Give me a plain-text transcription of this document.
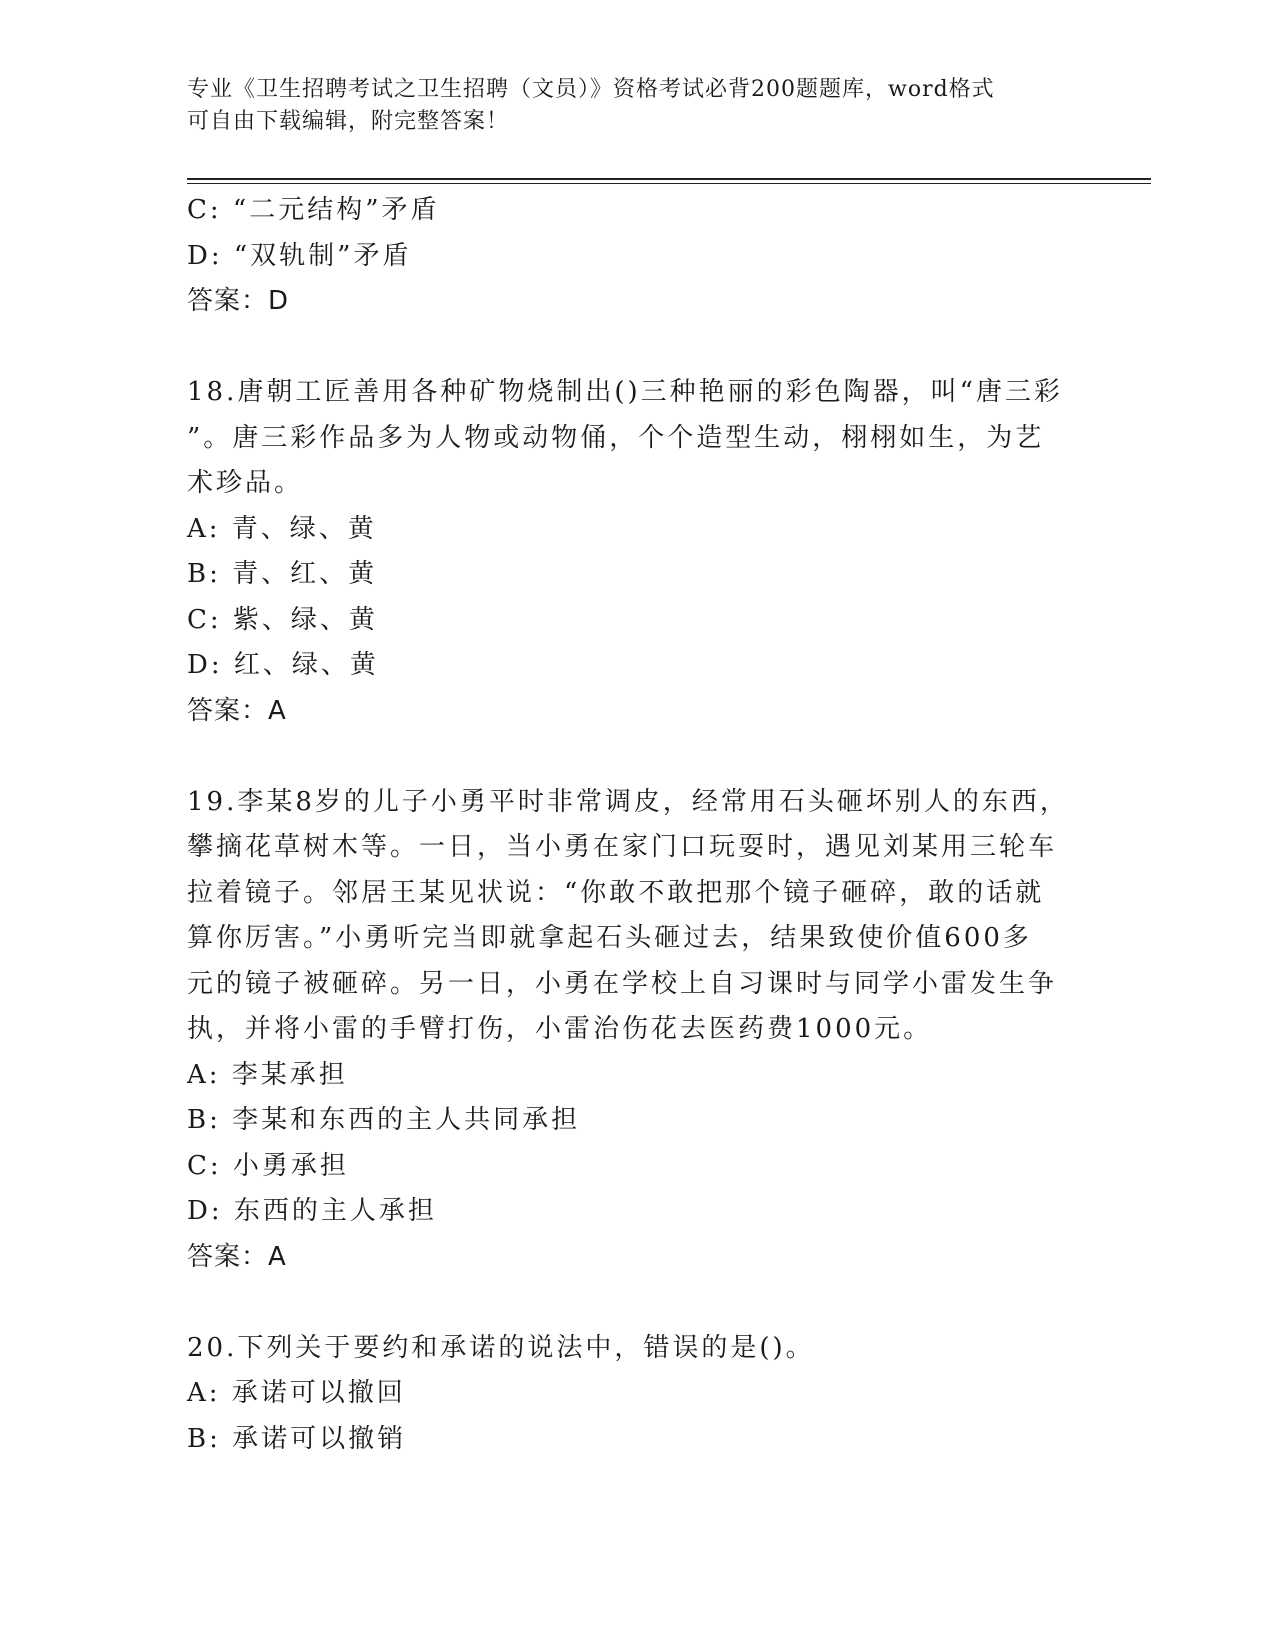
专业《卫生招聘考试之卫生招聘（文员）》资格考试必背200题题库，word格式
可自由下载编辑，附完整答案！
C: “二元结构”矛盾
D: “双轨制”矛盾
答案：D
18.唐朝工匠善用各种矿物烧制出()三种艳丽的彩色陶器，叫“唐三彩
”。唐三彩作品多为人物或动物俑，个个造型生动，栩栩如生，为艺
术珍品。
A: 青、绿、黄
B: 青、红、黄
C: 紫、绿、黄
D: 红、绿、黄
答案：A
19.李某8岁的儿子小勇平时非常调皮，经常用石头砸坏别人的东西，
攀摘花草树木等。一日，当小勇在家门口玩耍时，遇见刘某用三轮车
拉着镜子。邻居王某见状说：“你敢不敢把那个镜子砸碎，敢的话就
算你厉害。”小勇听完当即就拿起石头砸过去，结果致使价值600多
元的镜子被砸碎。另一日，小勇在学校上自习课时与同学小雷发生争
执，并将小雷的手臂打伤，小雷治伤花去医药费1000元。
A: 李某承担
B: 李某和东西的主人共同承担
C: 小勇承担
D: 东西的主人承担
答案：A
20.下列关于要约和承诺的说法中，错误的是()。
A: 承诺可以撤回
B: 承诺可以撤销
